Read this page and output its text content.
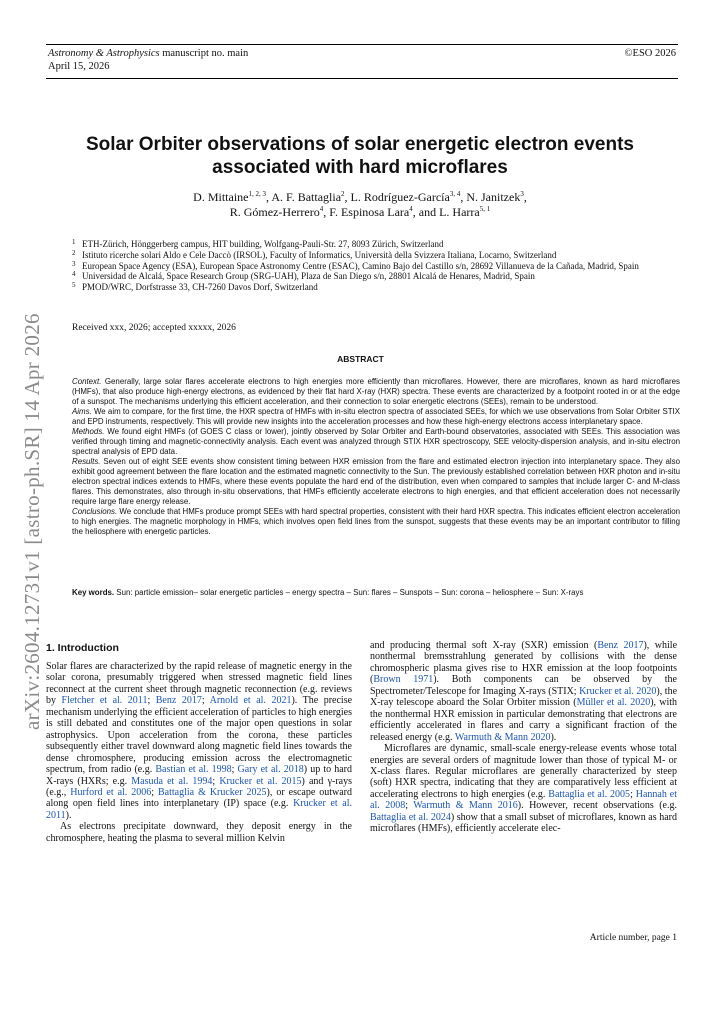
Astronomy & Astrophysics manuscript no. main
April 15, 2026
©ESO 2026
arXiv:2604.12731v1 [astro-ph.SR] 14 Apr 2026
Solar Orbiter observations of solar energetic electron events associated with hard microflares
D. Mittaine$^{1, 2, 3}$, A. F. Battaglia$^2$, L. Rodríguez-García$^{3, 4}$, N. Janitzek$^3$,
R. Gómez-Herrero$^4$, F. Espinosa Lara$^4$, and L. Harra$^{5, 1}$
1 ETH-Zürich, Hönggerberg campus, HIT building, Wolfgang-Pauli-Str. 27, 8093 Zürich, Switzerland
2 Istituto ricerche solari Aldo e Cele Daccò (IRSOL), Faculty of Informatics, Università della Svizzera Italiana, Locarno, Switzerland
3 European Space Agency (ESA), European Space Astronomy Centre (ESAC), Camino Bajo del Castillo s/n, 28692 Villanueva de la Cañada, Madrid, Spain
4 Universidad de Alcalá, Space Research Group (SRG-UAH), Plaza de San Diego s/n, 28801 Alcalá de Henares, Madrid, Spain
5 PMOD/WRC, Dorfstrasse 33, CH-7260 Davos Dorf, Switzerland
Received xxx, 2026; accepted xxxxx, 2026
ABSTRACT
Context. Generally, large solar flares accelerate electrons to high energies more efficiently than microflares. However, there are microflares, known as hard microflares (HMFs), that also produce high-energy electrons, as evidenced by their flat hard X-ray (HXR) spectra. These events are characterized by a footpoint rooted in or at the edge of a sunspot. The mechanisms underlying this efficient acceleration, and their connection to solar energetic electrons (SEEs), remain to be understood.
Aims. We aim to compare, for the first time, the HXR spectra of HMFs with in-situ electron spectra of associated SEEs, for which we use observations from Solar Orbiter STIX and EPD instruments, respectively. This will provide new insights into the acceleration processes and how these high-energy electrons access interplanetary space.
Methods. We found eight HMFs (of GOES C class or lower), jointly observed by Solar Orbiter and Earth-bound observatories, associated with SEEs. This association was verified through timing and magnetic-connectivity analysis. Each event was analyzed through STIX HXR spectroscopy, SEE velocity-dispersion analysis, and in-situ electron spectral analysis of EPD data.
Results. Seven out of eight SEE events show consistent timing between HXR emission from the flare and estimated electron injection into interplanetary space. They also exhibit good agreement between the flare location and the estimated magnetic connectivity to the Sun. The previously established correlation between HXR photon and in-situ electron spectral indices extends to HMFs, where these events populate the hard end of the distribution, even when compared to samples that include larger C- and M-class flares. This demonstrates, also through in-situ observations, that HMFs efficiently accelerate electrons to high energies, and that efficient acceleration does not necessarily require large flare energy release.
Conclusions. We conclude that HMFs produce prompt SEEs with hard spectral properties, consistent with their hard HXR spectra. This indicates efficient electron acceleration to high energies. The magnetic morphology in HMFs, which involves open field lines from the sunspot, suggests that these events may be an important contributor to filling the heliosphere with energetic particles.
Key words. Sun: particle emission– solar energetic particles – energy spectra – Sun: flares – Sunspots – Sun: corona – heliosphere – Sun: X-rays
1. Introduction

Solar flares are characterized by the rapid release of magnetic energy in the solar corona, presumably triggered when stressed magnetic field lines reconnect at the current sheet through magnetic reconnection (e.g. reviews by Fletcher et al. 2011; Benz 2017; Arnold et al. 2021). The precise mechanism underlying the efficient acceleration of particles to high energies is still debated and constitutes one of the major open questions in solar astrophysics. Upon acceleration from the corona, these particles subsequently either travel downward along magnetic field lines towards the dense chromosphere, producing emission across the electromagnetic spectrum, from radio (e.g. Bastian et al. 1998; Gary et al. 2018) up to hard X-rays (HXRs; e.g. Masuda et al. 1994; Krucker et al. 2015) and γ-rays (e.g., Hurford et al. 2006; Battaglia & Krucker 2025), or escape outward along open field lines into interplanetary (IP) space (e.g. Krucker et al. 2011).

As electrons precipitate downward, they deposit energy in the chromosphere, heating the plasma to several million Kelvin

and producing thermal soft X-ray (SXR) emission (Benz 2017), while nonthermal bremsstrahlung generated by collisions with the dense chromospheric plasma gives rise to HXR emission at the loop footpoints (Brown 1971). Both components can be observed by the Spectrometer/Telescope for Imaging X-rays (STIX; Krucker et al. 2020), the X-ray telescope aboard the Solar Orbiter mission (Müller et al. 2020), with the nonthermal HXR emission in particular demonstrating that electrons are efficiently accelerated in flares and carry a significant fraction of the released energy (e.g. Warmuth & Mann 2020).

Microflares are dynamic, small-scale energy-release events whose total energies are several orders of magnitude lower than those of typical M- or X-class flares. Regular microflares are generally characterized by steep (soft) HXR spectra, indicating that they are comparatively less efficient at accelerating electrons to high energies (e.g. Battaglia et al. 2005; Hannah et al. 2008; Warmuth & Mann 2016). However, recent observations (e.g. Battaglia et al. 2024) show that a small subset of microflares, known as hard microflares (HMFs), efficiently accelerate elec-

Article number, page 1
